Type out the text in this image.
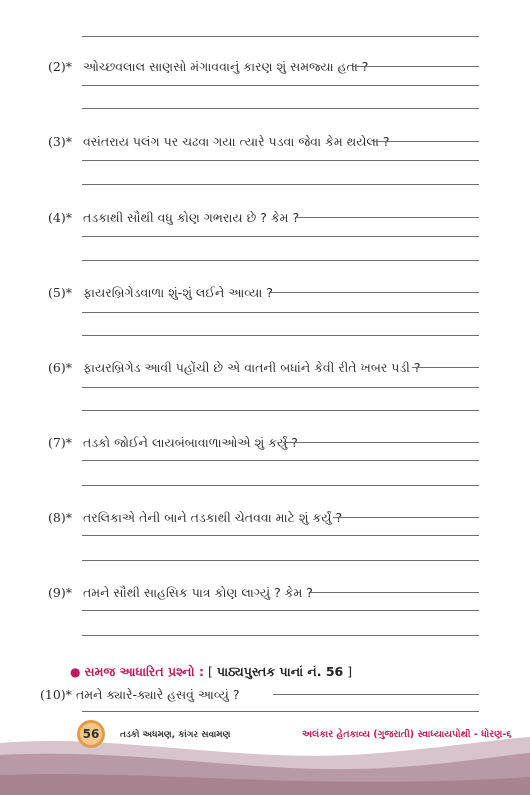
(2)* ઓચ્છવલાલ સાણસો મંગાવવાનું કારણ શું સમજ્યા હતા ?
(3)* વસંતરાય પલંગ પર ચઢવા ગયા ત્યારે પડવા જેવા કેમ થયેલા ?
(4)* તડકાથી સૌથી વધુ કોણ ગભરાય છે ? કેમ ?
(5)* ફાયરબ્રિગેડવાળા શું-શું લઈને આવ્યા ?
(6)* ફાયરબ્રિગેડ આવી પહોંચી છે એ વાતની બધાંને કેવી રીતે ખબર પડી ?
(7)* તડકો જોઈને લાયબંબાવાળાઓએ શું કર્યું ?
(8)* તરલિકાએ તેની બાને તડકાથી ચેતવવા માટે શું કર્યું ?
(9)* તમને સૌથી સાહસિક પાત્ર કોણ લાગ્યું ? કેમ ?
● સમજ આધારિત પ્રશ્નો : [ પાઠ્યપુસ્તક પાનાં નં. 56 ]
(10)* તમને ક્યારે-ક્યારે હસવું આવ્યું ?
56	તડકો અધમણ, કાંગર સવામણ	અલંકાર હેતકાવ્ય (ગુજરાતી) સ્વાધ્યાયપોથી - ધોરણ-૬
